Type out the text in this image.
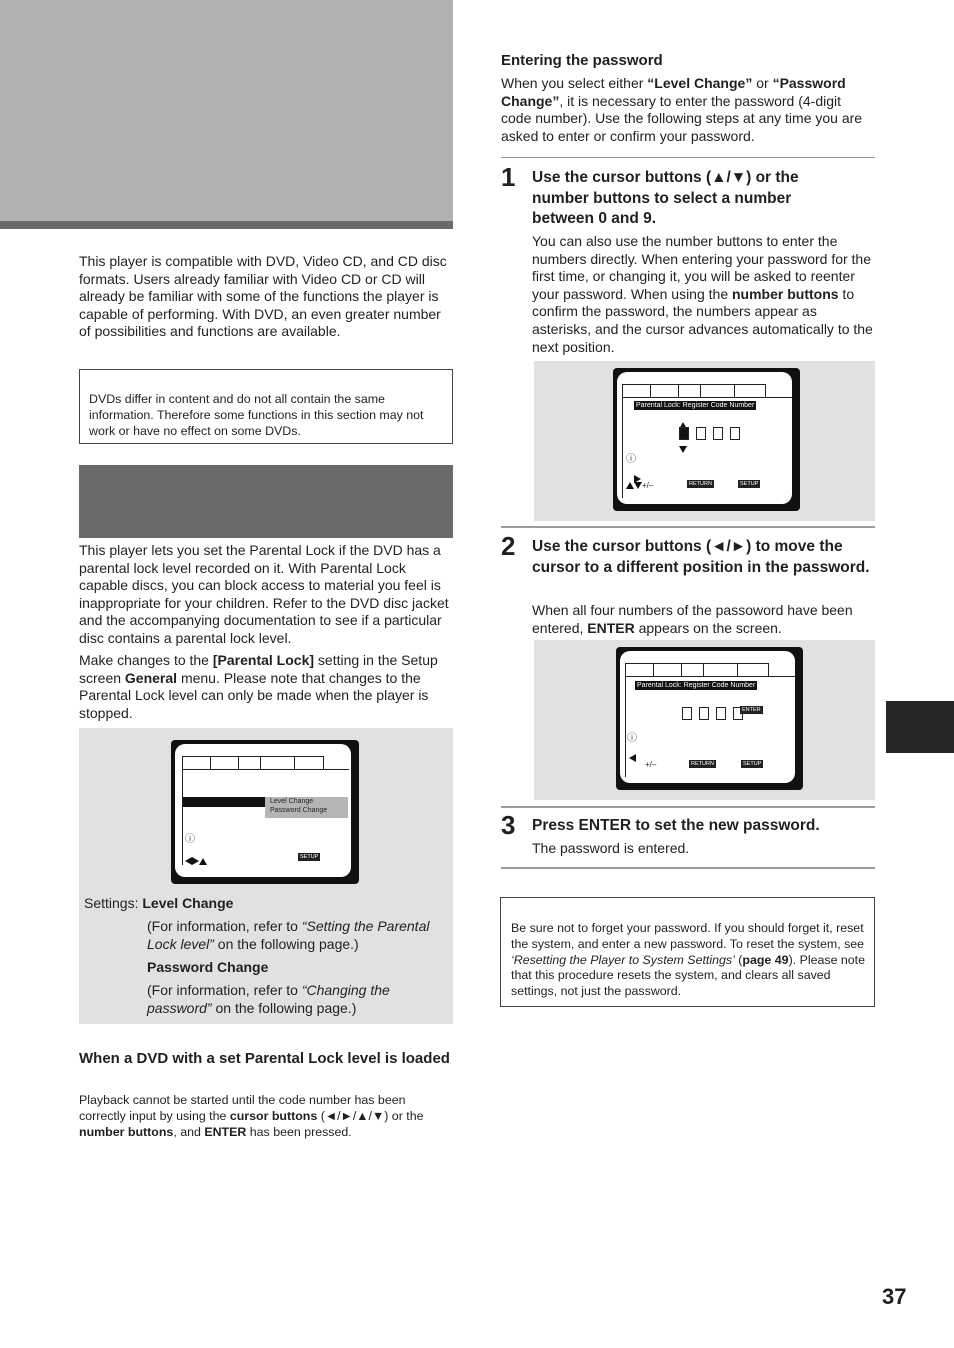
This player is compatible with DVD, Video CD, and CD disc formats. Users already familiar with Video CD or CD will already be familiar with some of the functions the player is capable of performing. With DVD, an even greater number of possibilities and functions are available.

DVDs differ in content and do not all contain the same information. Therefore some functions in this section may not work or have no effect on some DVDs.

This player lets you set the Parental Lock if the DVD has a parental lock level recorded on it. With Parental Lock capable discs, you can block access to material you feel is inappropriate for your children. Refer to the DVD disc jacket and the accompanying documentation to see if a particular disc contains a parental lock level.

Make changes to the [Parental Lock] setting in the Setup screen General menu. Please note that changes to the Parental Lock level can only be made when the player is stopped.

Level Change
Password Change
ⓘ
SETUP
Settings: Level Change

(For information, refer to “Setting the Parental Lock level” on the following page.)

Password Change

(For information, refer to “Changing the password” on the following page.)

When a DVD with a set Parental Lock level is loaded

Playback cannot be started until the code number has been correctly input by using the cursor buttons (◄/►/▲/▼) or the number buttons, and ENTER has been pressed.

Entering the password

When you select either “Level Change” or “Password Change”, it is necessary to enter the password (4-digit code number). Use the following steps at any time you are asked to enter or confirm your password.

1 Use the cursor buttons (▲/▼) or the number buttons to select a number between 0 and 9.

You can also use the number buttons to enter the numbers directly. When entering your password for the first time, or changing it, you will be asked to reenter your password. When using the number buttons to confirm the password, the numbers appear as asterisks, and the cursor advances automatically to the next position.

Parental Lock: Register Code Number
ⓘ
+/–	RETURN	SETUP
2 Use the cursor buttons (◄/►) to move the cursor to a different position in the password.

When all four numbers of the passoword have been entered, ENTER appears on the screen.

Parental Lock: Register Code Number
ENTER
ⓘ
+/–	RETURN	SETUP
3 Press ENTER to set the new password.

The password is entered.

Be sure not to forget your password. If you should forget it, reset the system, and enter a new password. To reset the system, see ‘Resetting the Player to System Settings’ (page 49). Please note that this procedure resets the system, and clears all saved settings, not just the password.

37
